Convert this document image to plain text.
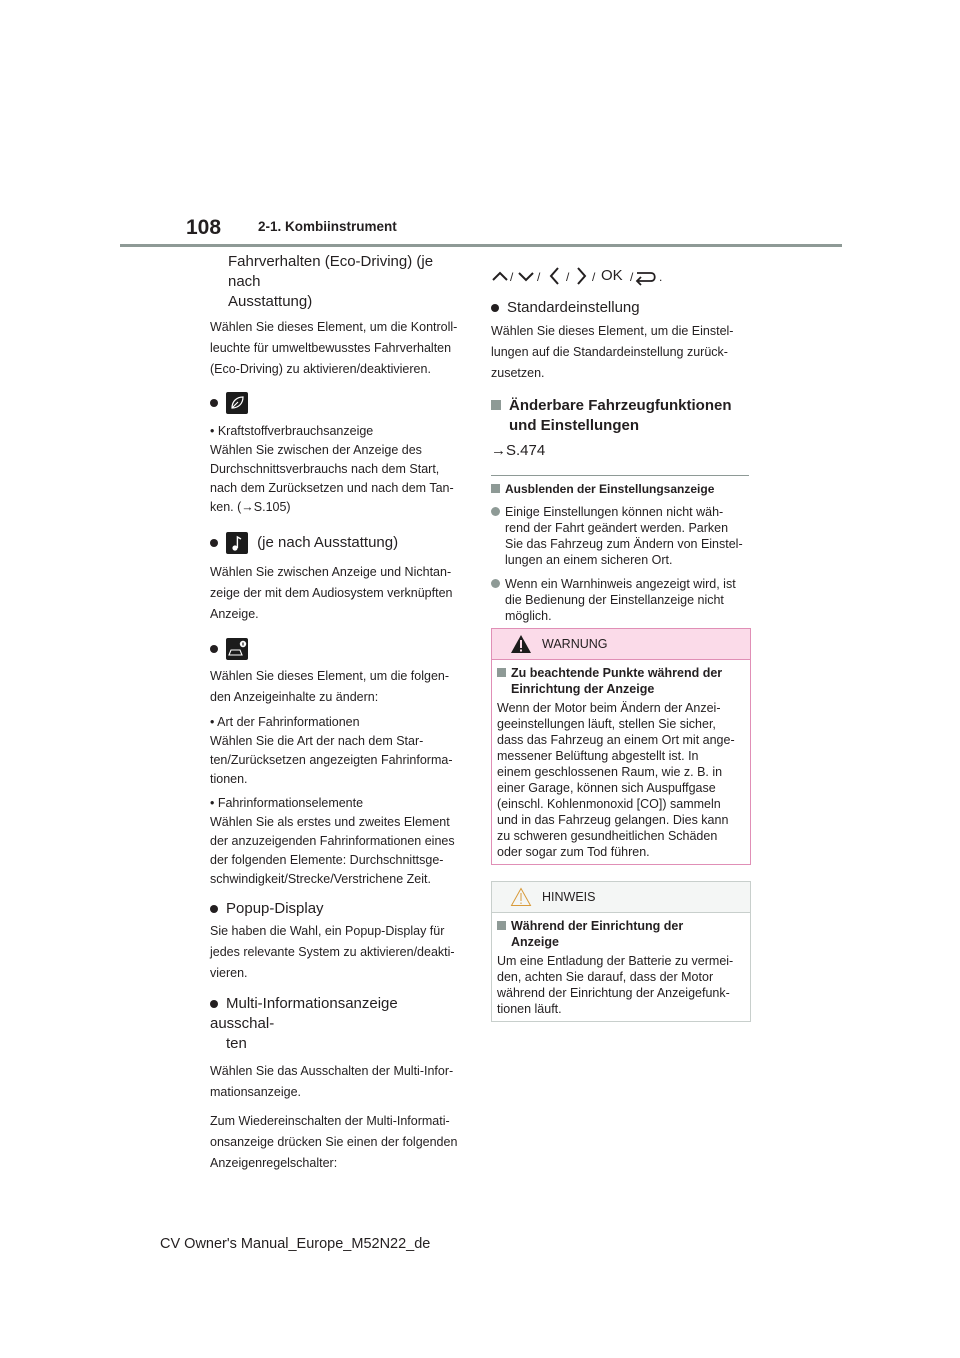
108	2-1. Kombiinstrument
Fahrverhalten (Eco-Driving) (je nach
Ausstattung)
Wählen Sie dieses Element, um die Kontroll-
leuchte für umweltbewusstes Fahrverhalten
(Eco-Driving) zu aktivieren/deaktivieren.
• Kraftstoffverbrauchsanzeige
Wählen Sie zwischen der Anzeige des
Durchschnittsverbrauchs nach dem Start,
nach dem Zurücksetzen und nach dem Tan-
ken. (→S.105)
(je nach Ausstattung)
Wählen Sie zwischen Anzeige und Nichtan-
zeige der mit dem Audiosystem verknüpften
Anzeige.
Wählen Sie dieses Element, um die folgen-
den Anzeigeinhalte zu ändern:
• Art der Fahrinformationen
Wählen Sie die Art der nach dem Star-
ten/Zurücksetzen angezeigten Fahrinforma-
tionen.
• Fahrinformationselemente
Wählen Sie als erstes und zweites Element
der anzuzeigenden Fahrinformationen eines
der folgenden Elemente: Durchschnittsge-
schwindigkeit/Strecke/Verstrichene Zeit.
Popup-Display
Sie haben die Wahl, ein Popup-Display für
jedes relevante System zu aktivieren/deakti-
vieren.
Multi-Informationsanzeige ausschal-
ten
Wählen Sie das Ausschalten der Multi-Infor-
mationsanzeige.
Zum Wiedereinschalten der Multi-Informati-
onsanzeige drücken Sie einen der folgenden
Anzeigenregelschalter:
/ / / /	/ .
OK
Standardeinstellung
Wählen Sie dieses Element, um die Einstel-
lungen auf die Standardeinstellung zurück-
zusetzen.
Änderbare Fahrzeugfunktionen
und Einstellungen
→S.474
Ausblenden der Einstellungsanzeige
Einige Einstellungen können nicht wäh-
rend der Fahrt geändert werden. Parken
Sie das Fahrzeug zum Ändern von Einstel-
lungen an einem sicheren Ort.
Wenn ein Warnhinweis angezeigt wird, ist
die Bedienung der Einstellanzeige nicht
möglich.
WARNUNG
Zu beachtende Punkte während der
Einrichtung der Anzeige
Wenn der Motor beim Ändern der Anzei-
geeinstellungen läuft, stellen Sie sicher,
dass das Fahrzeug an einem Ort mit ange-
messener Belüftung abgestellt ist. In
einem geschlossenen Raum, wie z. B. in
einer Garage, können sich Auspuffgase
(einschl. Kohlenmonoxid [CO]) sammeln
und in das Fahrzeug gelangen. Dies kann
zu schweren gesundheitlichen Schäden
oder sogar zum Tod führen.
HINWEIS
Während der Einrichtung der
Anzeige
Um eine Entladung der Batterie zu vermei-
den, achten Sie darauf, dass der Motor
während der Einrichtung der Anzeigefunk-
tionen läuft.
CV Owner's Manual_Europe_M52N22_de
